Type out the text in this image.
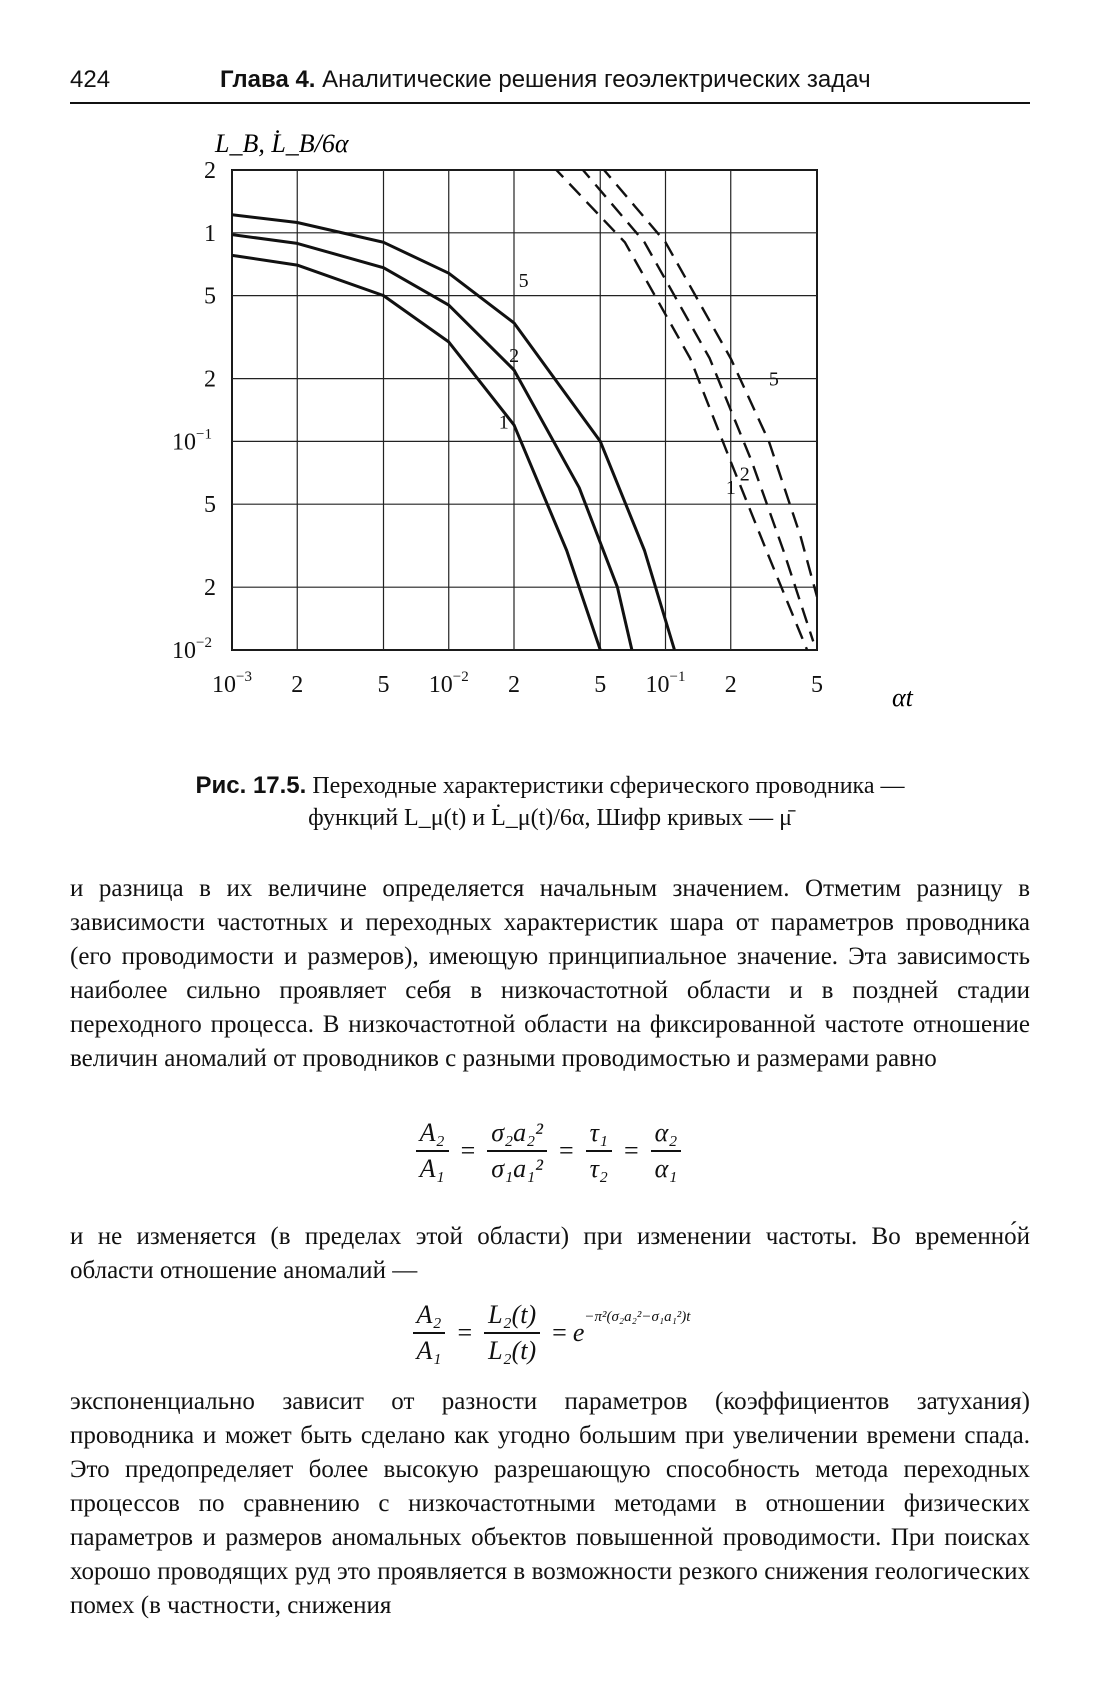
424	Глава 4. Аналитические решения геоэлектрических задач
$10^{-3}$ 2	5 $10^{-2}$ 2	5 $10^{-1}$ 2	5
2
1
5
2
$10^{-1}$
5
2
$10^{-2}$
5
2
1
5
2
1
L_B, L̇_B/6α
αt
Рис. 17.5. Переходные характеристики сферического проводника —
функций L_μ(t) и L̇_μ(t)/6α, Шифр кривых — μ̄

и разница в их величине определяется начальным значением. Отметим разницу в зависимости частотных и переходных характеристик шара от параметров проводника (его проводимости и размеров), имеющую принципиальное значение. Эта зависимость наиболее сильно проявляет себя в низкочастотной области и в поздней стадии переходного процесса. В низкочастотной области на фиксированной частоте отношение величин аномалий от проводников с разными проводимостью и размерами равно

$\frac{\text{A₂}}{\text{A₁}} = \frac{\text{σ₂a₂²}}{\text{σ₁a₁²}} = \frac{\text{τ₁}}{\text{τ₂}} = \frac{\text{α₂}}{\text{α₁}}$

и не изменяется (в пределах этой области) при изменении частоты. Во временно́й области отношение аномалий —

$\frac{\text{A₂}}{\text{A₁}} = \frac{\text{L₂(t)}}{\text{L₂(t)}} = e^{-\pi^2(\sigma_2a_2^2-\sigma_1a_1^2)t}$

экспоненциально зависит от разности параметров (коэффициентов затухания) проводника и может быть сделано как угодно большим при увеличении времени спада. Это предопределяет более высокую разрешающую способность метода переходных процессов по сравнению с низкочастотными методами в отношении физических параметров и размеров аномальных объектов повышенной проводимости. При поисках хорошо проводящих руд это проявляется в возможности резкого снижения геологических помех (в частности, снижения
